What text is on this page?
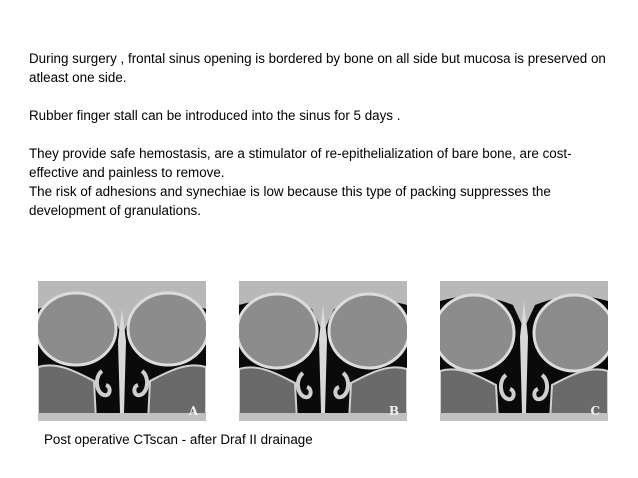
During surgery , frontal sinus opening is bordered by bone on all side but mucosa is preserved on atleast one side.

Rubber finger stall can be introduced into the sinus for 5 days .

They provide safe hemostasis, are a stimulator of re-epithelialization of bare bone, are cost-effective and painless to remove.

The risk of adhesions and synechiae is low because this type of packing suppresses the development of granulations.

A	B	C
Post operative CTscan - after Draf II drainage
